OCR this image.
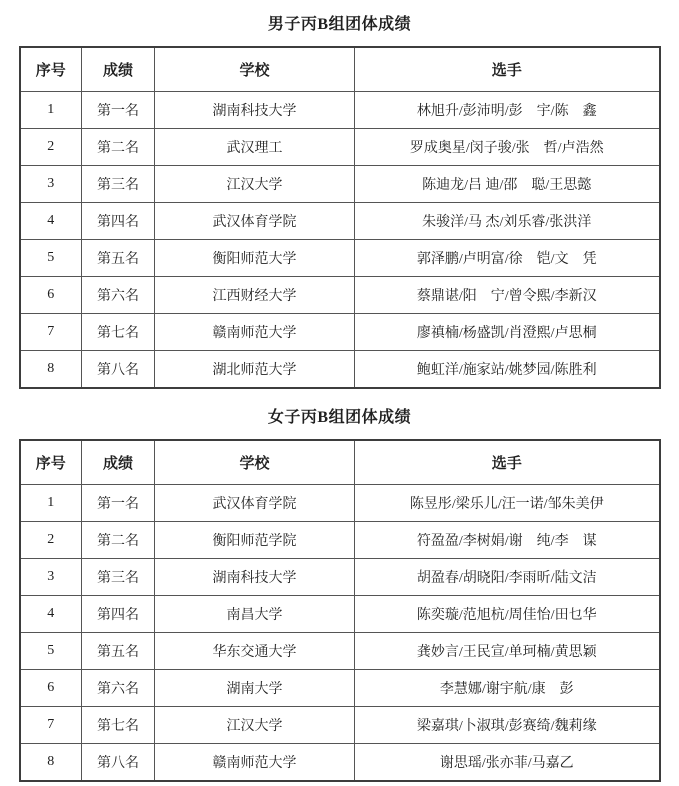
男子丙B组团体成绩
序号	成绩	学校	选手
1	第一名	湖南科技大学	林旭升/彭沛明/彭　宇/陈　鑫
2	第二名	武汉理工	罗成奥星/闵子骏/张　哲/卢浩然
3	第三名	江汉大学	陈迪龙/吕 迪/邵　聪/王思懿
4	第四名	武汉体育学院	朱骏洋/马 杰/刘乐睿/张洪洋
5	第五名	衡阳师范大学	郭泽鹏/卢明富/徐　铠/文　凭
6	第六名	江西财经大学	蔡鼎谌/阳　宁/曾令熙/李新汉
7	第七名	赣南师范大学	廖禛楠/杨盛凯/肖澄熙/卢思桐
8	第八名	湖北师范大学	鲍虹洋/施家站/姚梦园/陈胜利
女子丙B组团体成绩
序号	成绩	学校	选手
1	第一名	武汉体育学院	陈昱彤/梁乐儿/汪一诺/邹朱美伊
2	第二名	衡阳师范学院	符盈盈/李树娟/谢　纯/李　谋
3	第三名	湖南科技大学	胡盈春/胡晓阳/李雨昕/陆文洁
4	第四名	南昌大学	陈奕璇/范旭杭/周佳怡/田乜华
5	第五名	华东交通大学	龚妙言/王民宣/单珂楠/黄思颖
6	第六名	湖南大学	李慧娜/谢宇航/康　彭
7	第七名	江汉大学	梁嘉琪/卜淑琪/彭赛绮/魏莉缘
8	第八名	赣南师范大学	谢思瑶/张亦菲/马嘉乙
